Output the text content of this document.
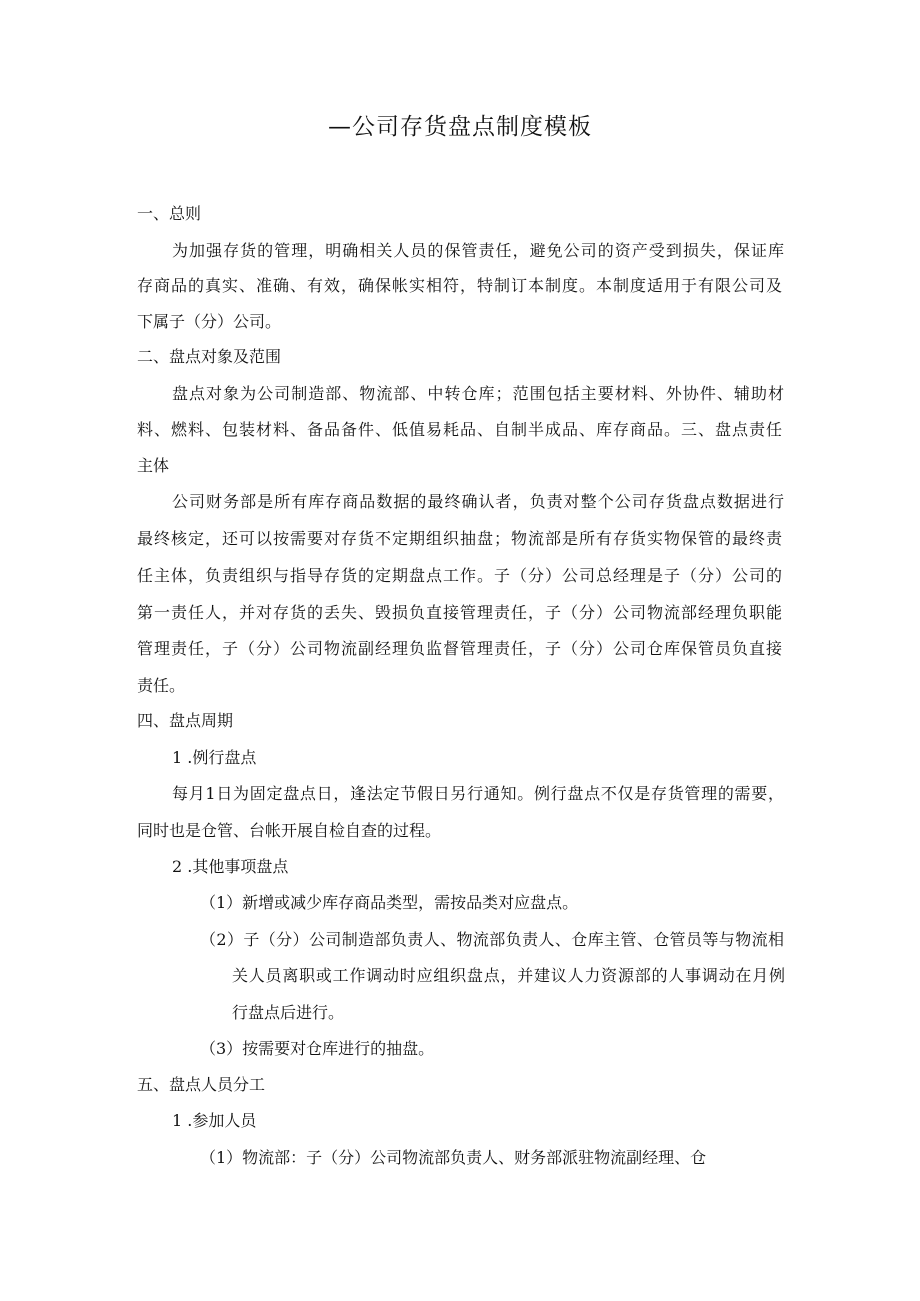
—公司存货盘点制度模板
一、总则
为加强存货的管理，明确相关人员的保管责任，避免公司的资产受到损失，保证库
存商品的真实、准确、有效，确保帐实相符，特制订本制度。本制度适用于有限公司及
下属子（分）公司。
二、盘点对象及范围
盘点对象为公司制造部、物流部、中转仓库；范围包括主要材料、外协件、辅助材
料、燃料、包装材料、备品备件、低值易耗品、自制半成品、库存商品。三、盘点责任
主体
公司财务部是所有库存商品数据的最终确认者，负责对整个公司存货盘点数据进行
最终核定，还可以按需要对存货不定期组织抽盘；物流部是所有存货实物保管的最终责
任主体，负责组织与指导存货的定期盘点工作。子（分）公司总经理是子（分）公司的
第一责任人，并对存货的丢失、毁损负直接管理责任，子（分）公司物流部经理负职能
管理责任，子（分）公司物流副经理负监督管理责任，子（分）公司仓库保管员负直接
责任。
四、盘点周期
1 .例行盘点
每月1日为固定盘点日，逢法定节假日另行通知。例行盘点不仅是存货管理的需要，
同时也是仓管、台帐开展自检自查的过程。
2 .其他事项盘点
（1）新增或减少库存商品类型，需按品类对应盘点。
（2）子（分）公司制造部负责人、物流部负责人、仓库主管、仓管员等与物流相
关人员离职或工作调动时应组织盘点，并建议人力资源部的人事调动在月例
行盘点后进行。
（3）按需要对仓库进行的抽盘。
五、盘点人员分工
1 .参加人员
（1）物流部：子（分）公司物流部负责人、财务部派驻物流副经理、仓
